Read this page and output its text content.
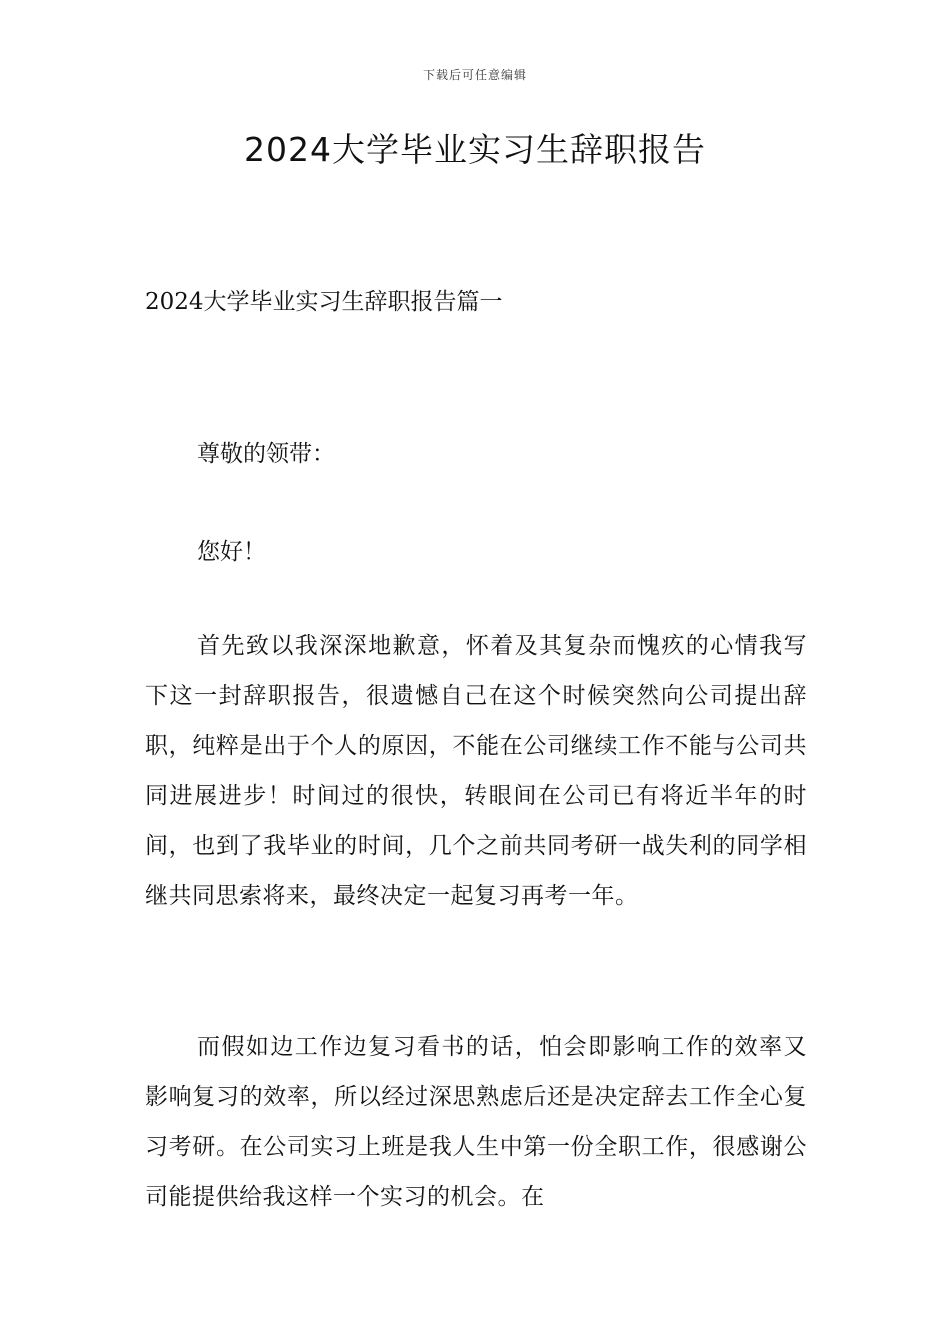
下载后可任意编辑
2024大学毕业实习生辞职报告
2024大学毕业实习生辞职报告篇一

尊敬的领带：

您好！

首先致以我深深地歉意，怀着及其复杂而愧疚的心情我写下这一封辞职报告，很遗憾自己在这个时候突然向公司提出辞职，纯粹是出于个人的原因，不能在公司继续工作不能与公司共同进展进步！时间过的很快，转眼间在公司已有将近半年的时间，也到了我毕业的时间，几个之前共同考研一战失利的同学相继共同思索将来，最终决定一起复习再考一年。

而假如边工作边复习看书的话，怕会即影响工作的效率又影响复习的效率，所以经过深思熟虑后还是决定辞去工作全心复习考研。在公司实习上班是我人生中第一份全职工作，很感谢公司能提供给我这样一个实习的机会。在
